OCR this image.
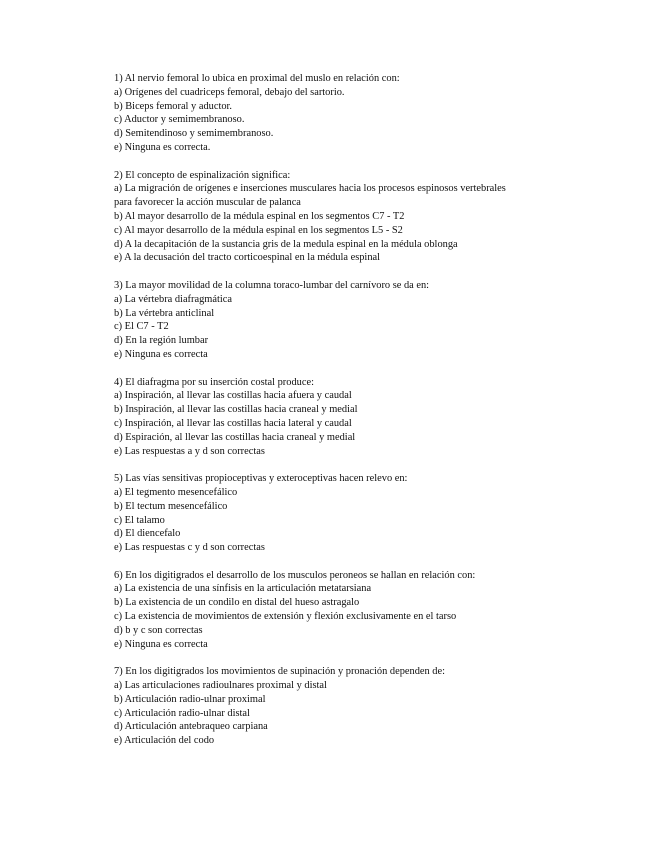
1) Al nervio femoral lo ubica en proximal del muslo en relación con:
a) Orígenes del cuadriceps femoral, debajo del sartorio.
b) Biceps femoral y aductor.
c) Aductor y semimembranoso.
d) Semitendinoso y semimembranoso.
e) Ninguna es correcta.
2) El concepto de espinalización significa:
a) La migración de orígenes e inserciones musculares hacia los procesos espinosos vertebrales para favorecer la acción muscular de palanca
b) Al mayor desarrollo de la médula espinal en los segmentos C7 - T2
c) Al mayor desarrollo de la médula espinal en los segmentos L5 - S2
d) A la decapitación de la sustancia gris de la medula espinal en la médula oblonga
e) A la decusación del tracto corticoespinal en la médula espinal
3) La mayor movilidad de la columna toraco-lumbar del carnívoro se da en:
a) La vértebra diafragmática
b) La vértebra anticlinal
c) El C7 - T2
d) En la región lumbar
e) Ninguna es correcta
4) El diafragma por su inserción costal produce:
a) Inspiración, al llevar las costillas hacia afuera y caudal
b) Inspiración, al llevar las costillas hacia craneal y medial
c) Inspiración, al llevar las costillas hacia lateral y caudal
d) Espiración, al llevar las costillas hacia craneal y medial
e) Las respuestas a y d son correctas
5) Las vías sensitivas propioceptivas y exteroceptivas hacen relevo en:
a) El tegmento mesencefálico
b) El tectum mesencefálico
c) El talamo
d) El diencefalo
e) Las respuestas c y d son correctas
6) En los digitigrados el desarrollo de los musculos peroneos se hallan en relación con:
a) La existencia de una sínfisis en la articulación metatarsiana
b) La existencia de un condilo en distal del hueso astragalo
c) La existencia de movimientos de extensión y flexión exclusivamente en el tarso
d) b y c son correctas
e) Ninguna es correcta
7) En los digitigrados los movimientos de supinación y pronación dependen de:
a) Las articulaciones radioulnares proximal y distal
b) Articulación radio-ulnar proximal
c) Articulación radio-ulnar distal
d) Articulación antebraqueo carpiana
e) Articulación del codo
